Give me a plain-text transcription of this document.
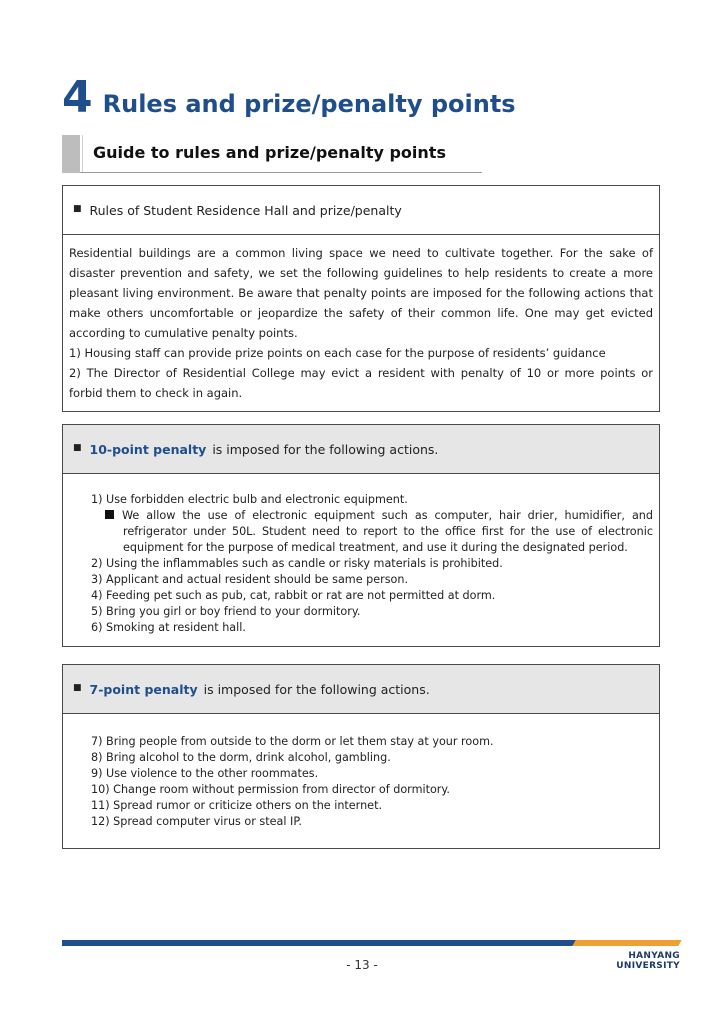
4 Rules and prize/penalty points
Guide to rules and prize/penalty points
■ Rules of Student Residence Hall and prize/penalty

Residential buildings are a common living space we need to cultivate together. For the sake of disaster prevention and safety, we set the following guidelines to help residents to create a more pleasant living environment. Be aware that penalty points are imposed for the following actions that make others uncomfortable or jeopardize the safety of their common life. One may get evicted according to cumulative penalty points.

1) Housing staff can provide prize points on each case for the purpose of residents’ guidance

2) The Director of Residential College may evict a resident with penalty of 10 or more points or forbid them to check in again.

■ 10-point penalty is imposed for the following actions.
1) Use forbidden electric bulb and electronic equipment.
We allow the use of electronic equipment such as computer, hair drier, humidifier, and refrigerator under 50L. Student need to report to the office first for the use of electronic equipment for the purpose of medical treatment, and use it during the designated period.
2) Using the inflammables such as candle or risky materials is prohibited.
3) Applicant and actual resident should be same person.
4) Feeding pet such as pub, cat, rabbit or rat are not permitted at dorm.
5) Bring you girl or boy friend to your dormitory.
6) Smoking at resident hall.
■ 7-point penalty is imposed for the following actions.
7) Bring people from outside to the dorm or let them stay at your room.
8) Bring alcohol to the dorm, drink alcohol, gambling.
9) Use violence to the other roommates.
10) Change room without permission from director of dormitory.
11) Spread rumor or criticize others on the internet.
12) Spread computer virus or steal IP.
HANYANG UNIVERSITY
- 13 -
